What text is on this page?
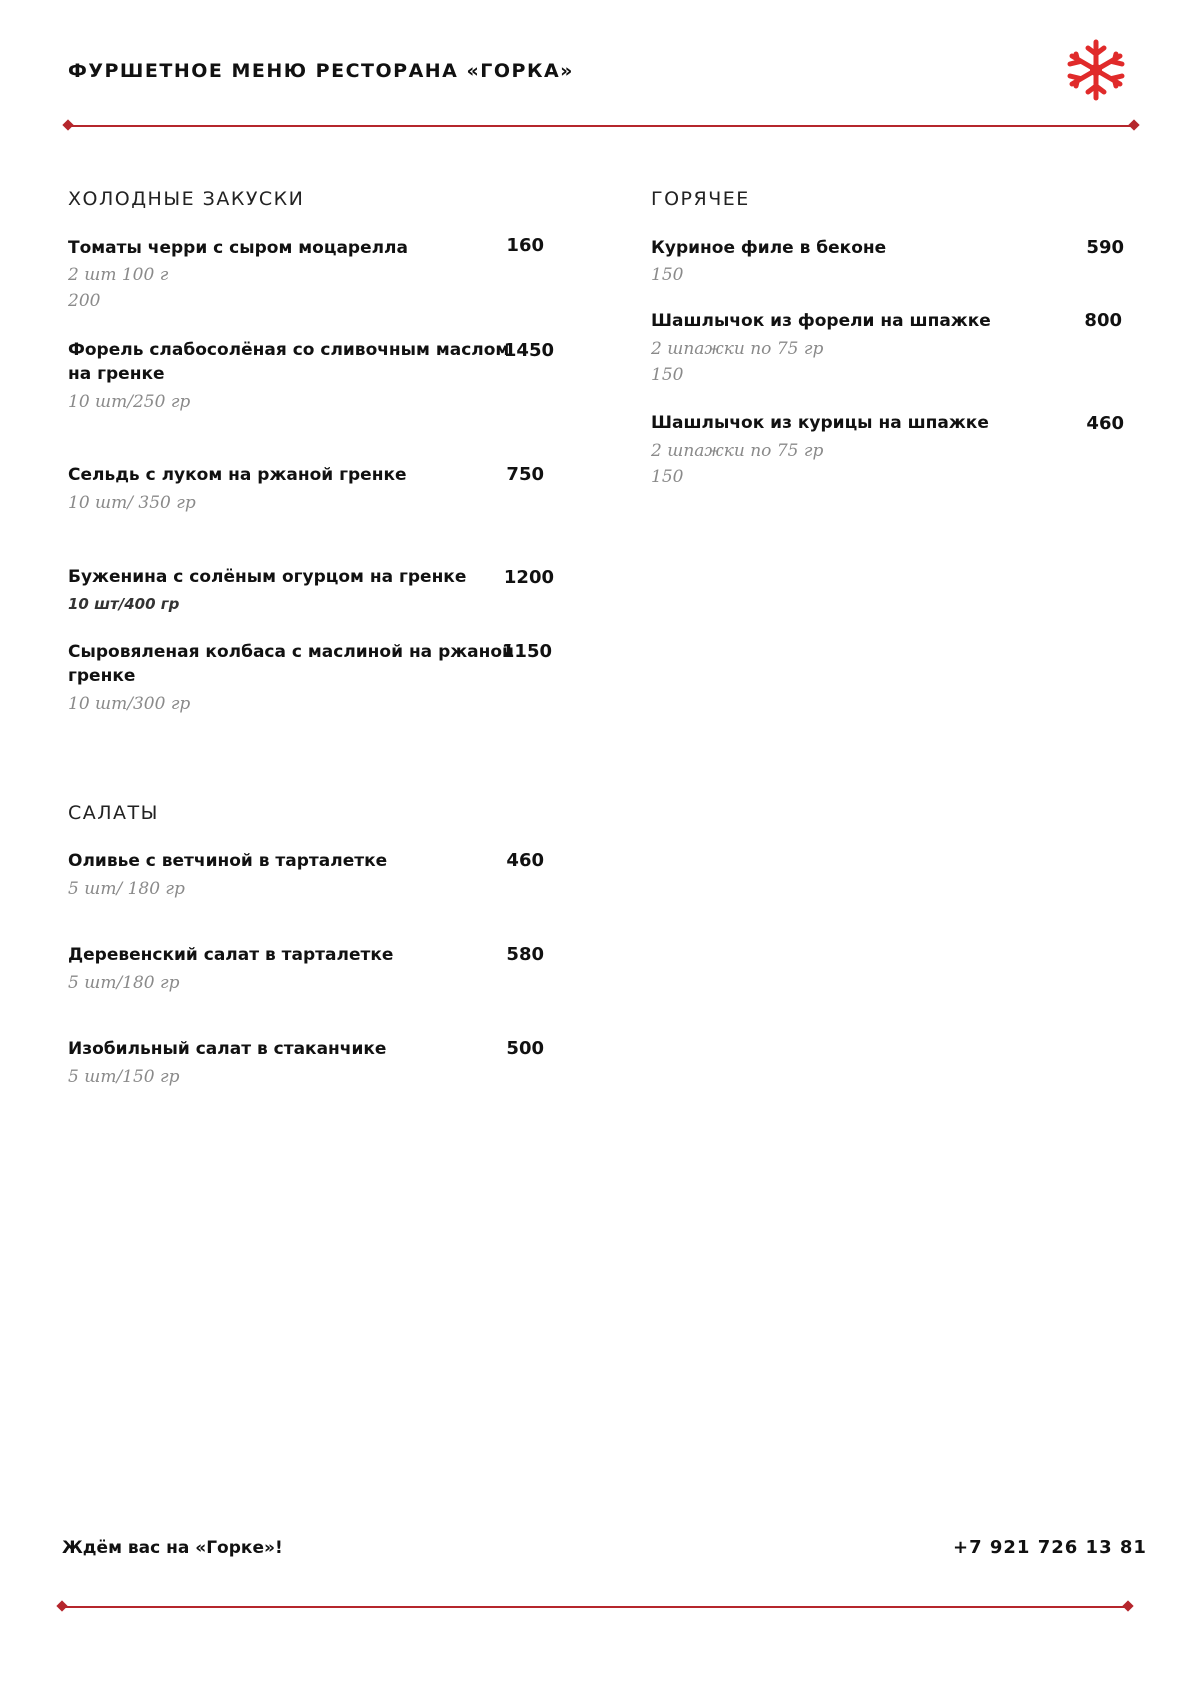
ФУРШЕТНОЕ МЕНЮ РЕСТОРАНА «ГОРКА»
ХОЛОДНЫЕ ЗАКУСКИ
Томаты черри с сыром моцарелла
2 шт 100 г
200
160
Форель слабосолёная со сливочным маслом
на гренке
10 шт/250 гр
1450
Сельдь с луком на ржаной гренке
10 шт/ 350 гр
750
Буженина с солёным огурцом на гренке
10 шт/400 гр
1200
Сыровяленая колбаса с маслиной на ржаной
гренке
10 шт/300 гр
1150
САЛАТЫ
Оливье с ветчиной в тарталетке
5 шт/ 180 гр
460
Деревенский салат в тарталетке
5 шт/180 гр
580
Изобильный салат в стаканчике
5 шт/150 гр
500
ГОРЯЧЕЕ
Куриное филе в беконе
150
590
Шашлычок из форели на шпажке
2 шпажки по 75 гр
150
800
Шашлычок из курицы на шпажке
2 шпажки по 75 гр
150
460
Ждём вас на «Горке»!	+7 921 726 13 81
